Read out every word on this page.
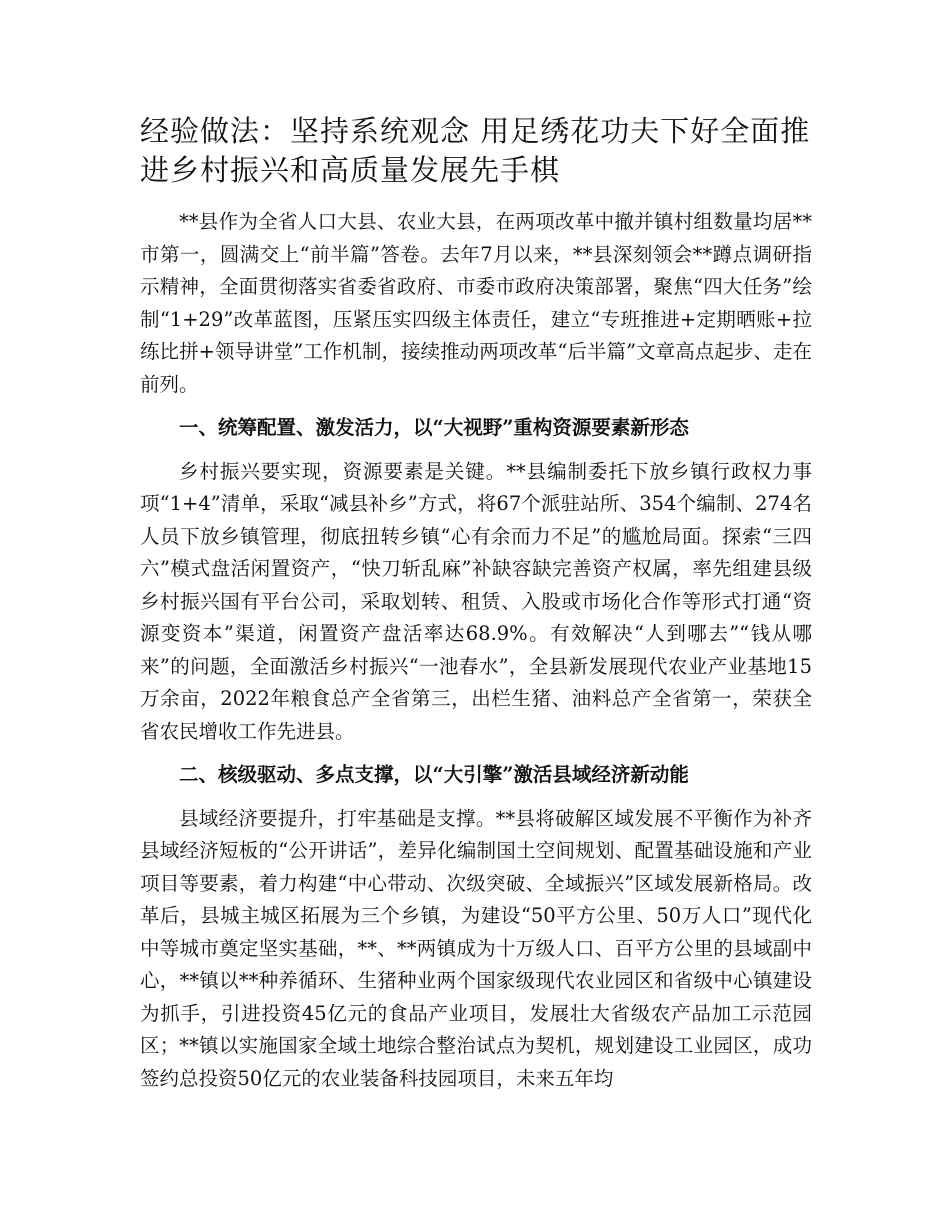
经验做法：坚持系统观念 用足绣花功夫下好全面推进乡村振兴和高质量发展先手棋

**县作为全省人口大县、农业大县，在两项改革中撤并镇村组数量均居**市第一，圆满交上“前半篇”答卷。去年7月以来，**县深刻领会**蹲点调研指示精神，全面贯彻落实省委省政府、市委市政府决策部署，聚焦“四大任务”绘制“1+29”改革蓝图，压紧压实四级主体责任，建立“专班推进+定期晒账+拉练比拼+领导讲堂”工作机制，接续推动两项改革“后半篇”文章高点起步、走在前列。

一、统筹配置、激发活力，以“大视野”重构资源要素新形态

乡村振兴要实现，资源要素是关键。**县编制委托下放乡镇行政权力事项“1+4”清单，采取“减县补乡”方式，将67个派驻站所、354个编制、274名人员下放乡镇管理，彻底扭转乡镇“心有余而力不足”的尴尬局面。探索“三四六”模式盘活闲置资产，“快刀斩乱麻”补缺容缺完善资产权属，率先组建县级乡村振兴国有平台公司，采取划转、租赁、入股或市场化合作等形式打通“资源变资本”渠道，闲置资产盘活率达68.9%。有效解决“人到哪去”“钱从哪来”的问题，全面激活乡村振兴“一池春水”，全县新发展现代农业产业基地15万余亩，2022年粮食总产全省第三，出栏生猪、油料总产全省第一，荣获全省农民增收工作先进县。

二、核级驱动、多点支撑，以“大引擎”激活县域经济新动能

县域经济要提升，打牢基础是支撑。**县将破解区域发展不平衡作为补齐县域经济短板的“公开讲话”，差异化编制国土空间规划、配置基础设施和产业项目等要素，着力构建“中心带动、次级突破、全域振兴”区域发展新格局。改革后，县城主城区拓展为三个乡镇，为建设“50平方公里、50万人口”现代化中等城市奠定坚实基础，**、**两镇成为十万级人口、百平方公里的县域副中心，**镇以**种养循环、生猪种业两个国家级现代农业园区和省级中心镇建设为抓手，引进投资45亿元的食品产业项目，发展壮大省级农产品加工示范园区；**镇以实施国家全域土地综合整治试点为契机，规划建设工业园区，成功签约总投资50亿元的农业装备科技园项目，未来五年均
